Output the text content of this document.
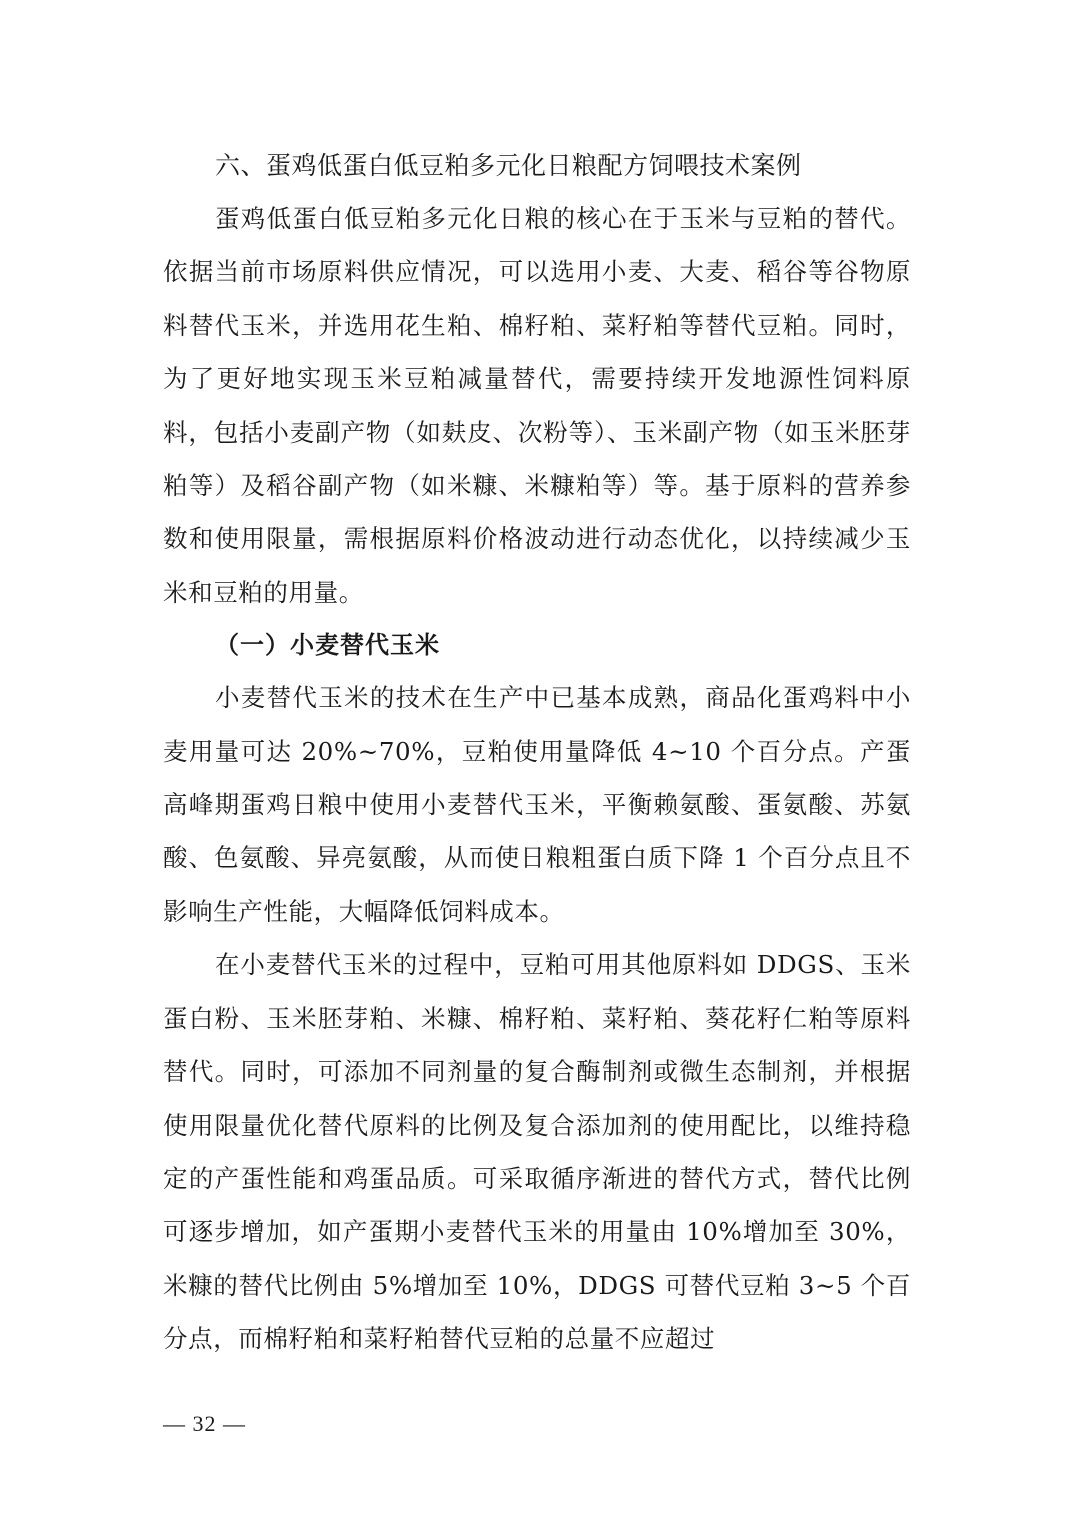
六、蛋鸡低蛋白低豆粕多元化日粮配方饲喂技术案例

蛋鸡低蛋白低豆粕多元化日粮的核心在于玉米与豆粕的替代。依据当前市场原料供应情况，可以选用小麦、大麦、稻谷等谷物原料替代玉米，并选用花生粕、棉籽粕、菜籽粕等替代豆粕。同时，为了更好地实现玉米豆粕减量替代，需要持续开发地源性饲料原料，包括小麦副产物（如麸皮、次粉等）、玉米副产物（如玉米胚芽粕等）及稻谷副产物（如米糠、米糠粕等）等。基于原料的营养参数和使用限量，需根据原料价格波动进行动态优化，以持续减少玉米和豆粕的用量。

（一）小麦替代玉米

小麦替代玉米的技术在生产中已基本成熟，商品化蛋鸡料中小麦用量可达 20%~70%，豆粕使用量降低 4~10 个百分点。产蛋高峰期蛋鸡日粮中使用小麦替代玉米，平衡赖氨酸、蛋氨酸、苏氨酸、色氨酸、异亮氨酸，从而使日粮粗蛋白质下降 1 个百分点且不影响生产性能，大幅降低饲料成本。

在小麦替代玉米的过程中，豆粕可用其他原料如 DDGS、玉米蛋白粉、玉米胚芽粕、米糠、棉籽粕、菜籽粕、葵花籽仁粕等原料替代。同时，可添加不同剂量的复合酶制剂或微生态制剂，并根据使用限量优化替代原料的比例及复合添加剂的使用配比，以维持稳定的产蛋性能和鸡蛋品质。可采取循序渐进的替代方式，替代比例可逐步增加，如产蛋期小麦替代玉米的用量由 10%增加至 30%，米糠的替代比例由 5%增加至 10%，DDGS 可替代豆粕 3~5 个百分点，而棉籽粕和菜籽粕替代豆粕的总量不应超过

— 32 —
